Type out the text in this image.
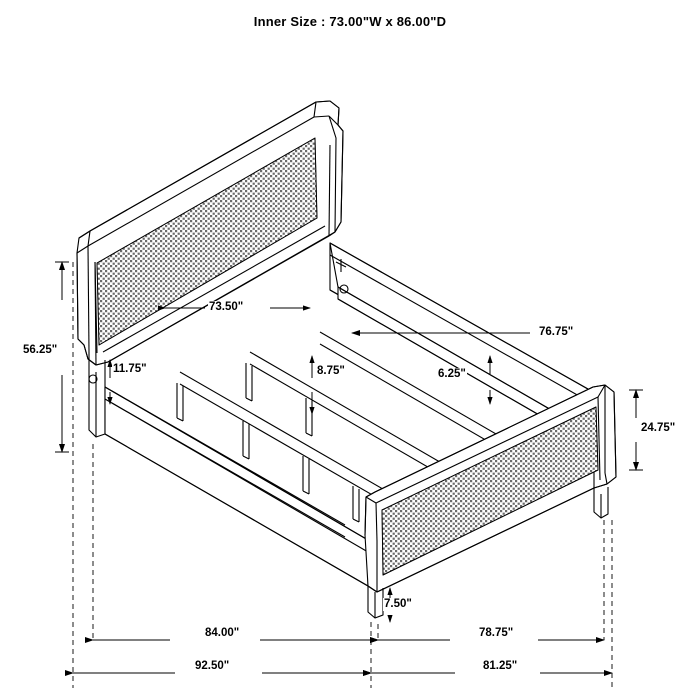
Inner Size : 73.00"W x 86.00"D
73.50"
56.25"
11.75"	8.75"
76.75"
6.25"
24.75"
7.50"
84.00"	78.75"
92.50"	81.25"
